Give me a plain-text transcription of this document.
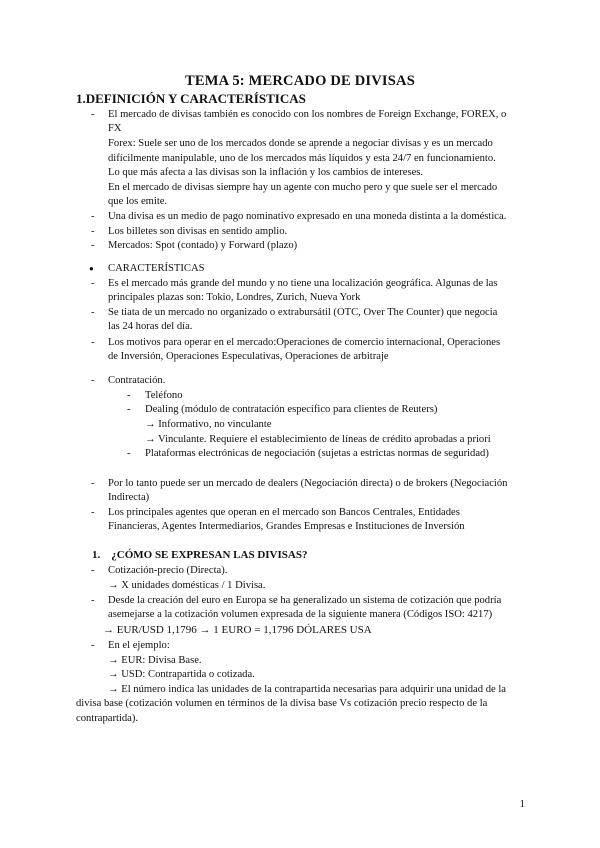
TEMA 5: MERCADO DE DIVISAS
1.DEFINICIÓN Y CARACTERÍSTICAS
- El mercado de divisas también es conocido con los nombres de Foreign Exchange, FOREX, o
FX
Forex: Suele ser uno de los mercados donde se aprende a negociar divisas y es un mercado
difícilmente manipulable, uno de los mercados más líquidos y esta 24/7 en funcionamiento.
Lo que más afecta a las divisas son la inflación y los cambios de intereses.
En el mercado de divisas siempre hay un agente con mucho pero y que suele ser el mercado
que los emite.
- Una divisa es un medio de pago nominativo expresado en una moneda distinta a la doméstica.
- Los billetes son divisas en sentido amplio.
- Mercados: Spot (contado) y Forward (plazo)
● CARACTERÍSTICAS
- Es el mercado más grande del mundo y no tiene una localización geográfica. Algunas de las
principales plazas son: Tokio, Londres, Zurich, Nueva York
- Se tiata de un mercado no organizado o extrabursátil (OTC, Over The Counter) que negocia
las 24 horas del día.
- Los motivos para operar en el mercado:Operaciones de comercio internacional, Operaciones
de Inversión, Operaciones Especulativas, Operaciones de arbitraje
- Contratación.
- Teléfono
- Dealing (módulo de contratación específico para clientes de Reuters)
→ Informativo, no vinculante
→ Vinculante. Requiere el establecimiento de líneas de crédito aprobadas a priori
- Plataformas electrónicas de negociación (sujetas a estrictas normas de seguridad)
- Por lo tanto puede ser un mercado de dealers (Negociación directa) o de brokers (Negociación
Indirecta)
- Los principales agentes que operan en el mercado son Bancos Centrales, Entidades
Financieras, Agentes Intermediarios, Grandes Empresas e Instituciones de Inversión
1. ¿CÓMO SE EXPRESAN LAS DIVISAS?
- Cotización-precio (Directa).
→ X unidades domésticas / 1 Divisa.
- Desde la creación del euro en Europa se ha generalizado un sistema de cotización que podría
asemejarse a la cotización volumen expresada de la siguiente manera (Códigos ISO: 4217)
→ EUR/USD 1,1796 → 1 EURO = 1,1796 DÓLARES USA
- En el ejemplo:
→ EUR: Divisa Base.
→ USD: Contrapartida o cotizada.
→ El número indica las unidades de la contrapartida necesarias para adquirir una unidad de la
divisa base (cotización volumen en términos de la divisa base Vs cotización precio respecto de la
contrapartida).
1
